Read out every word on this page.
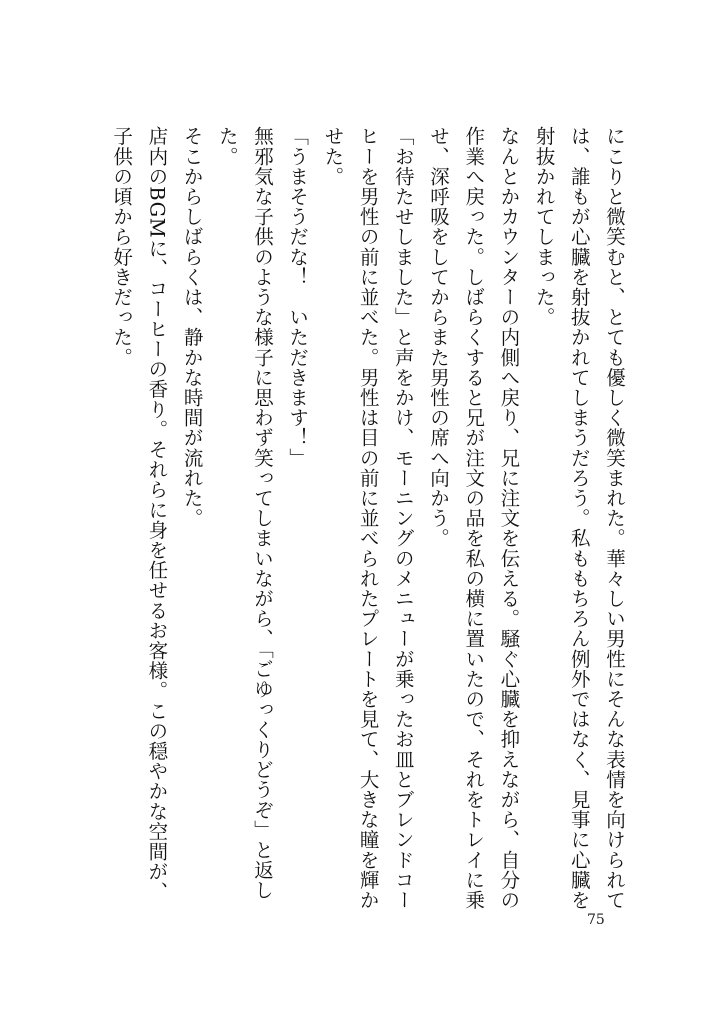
にこりと微笑むと、とても優しく微笑まれた。華々しい男性にそんな表情を向けられては、誰もが心臓を射抜かれてしまうだろう。私ももちろん例外ではなく、見事に心臓を射抜かれてしまった。

なんとかカウンターの内側へ戻り、兄に注文を伝える。騒ぐ心臓を抑えながら、自分の作業へ戻った。しばらくすると兄が注文の品を私の横に置いたので、それをトレイに乗せ、深呼吸をしてからまた男性の席へ向かう。

「お待たせしました」と声をかけ、モーニングのメニューが乗ったお皿とブレンドコーヒーを男性の前に並べた。男性は目の前に並べられたプレートを見て、大きな瞳を輝かせた。

「うまそうだな！　いただきます！」

無邪気な子供のような様子に思わず笑ってしまいながら、「ごゆっくりどうぞ」と返した。

そこからしばらくは、静かな時間が流れた。

店内のBGMに、コーヒーの香り。それらに身を任せるお客様。この穏やかな空間が、子供の頃から好きだった。

75
